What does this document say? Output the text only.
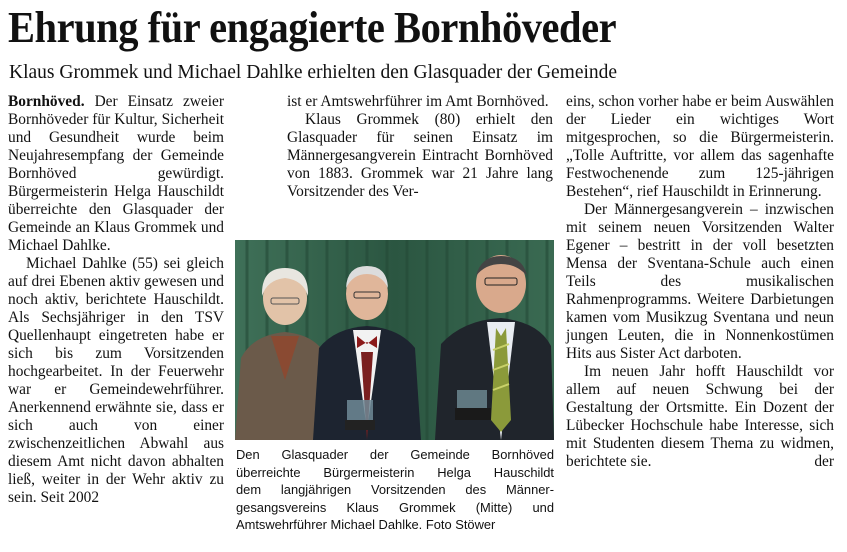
Ehrung für engagierte Bornhöveder
Klaus Grommek und Michael Dahlke erhielten den Glasquader der Gemeinde

Bornhöved. Der Einsatz zweier Bornhöveder für Kultur, Sicherheit und Gesundheit wurde beim Neujahresempfang der Gemeinde Bornhöved gewürdigt. Bürgermeisterin Helga Hauschildt überreichte den Glasquader der Gemeinde an Klaus Grommek und Michael Dahlke.

Michael Dahlke (55) sei gleich auf drei Ebenen aktiv gewesen und noch aktiv, berichtete Hauschildt. Als Sechsjähriger in den TSV Quellenhaupt eingetreten habe er sich bis zum Vorsitzenden hochgearbeitet. In der Feuerwehr war er Gemeindewehrführer. Anerkennend erwähnte sie, dass er sich auch von einer zwischenzeitlichen Abwahl aus diesem Amt nicht davon abhalten ließ, weiter in der Wehr aktiv zu sein. Seit 2002

ist er Amtswehrführer im Amt Bornhöved.

Klaus Grommek (80) erhielt den Glasquader für seinen Einsatz im Männergesangverein Eintracht Bornhöved von 1883. Grommek war 21 Jahre lang Vorsitzender des Ver-

Den Glasquader der Gemeinde Bornhöved
überreichte Bürgermeisterin Helga Hauschildt
dem langjährigen Vorsitzenden des Männer-
gesangsvereins Klaus Grommek (Mitte) und
Amtswehrführer Michael Dahlke. Foto Stöwer

eins, schon vorher habe er beim Auswählen der Lieder ein wichtiges Wort mitgesprochen, so die Bürgermeisterin. „Tolle Auftritte, vor allem das sagenhafte Festwochenende zum 125-jährigen Bestehen“, rief Hauschildt in Erinnerung.

Der Männergesangverein – inzwischen mit seinem neuen Vorsitzenden Walter Egener – bestritt in der voll besetzten Mensa der Sventana-Schule auch einen Teils des musikalischen Rahmenprogramms. Weitere Darbietungen kamen vom Musikzug Sventana und neun jungen Leuten, die in Nonnenkostümen Hits aus Sister Act darboten.

Im neuen Jahr hofft Hauschildt vor allem auf neuen Schwung bei der Gestaltung der Ortsmitte. Ein Dozent der Lübecker Hochschule habe Interesse, sich mit Studenten diesem Thema zu widmen, berichtete sie.	der
